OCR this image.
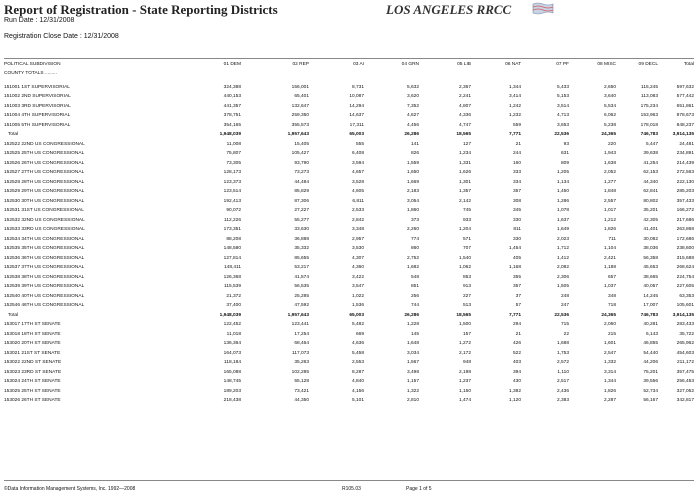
Report of Registration - State Reporting Districts
Run Date : 12/31/2008
Registration Close Date : 12/31/2008
LOS ANGELES RRCC
POLITICAL SUBDIVISION	01 DEM	02 REP	03 AI	04 GRN	05 LIB	06 NAT	07 PF	08 MISC	09 DECL	Total
COUNTY TOTALS .........										

151001 1ST SUPERVISORIAL	324,388	156,001	8,731	5,632	2,367	1,344	5,433	2,650	115,245	597,632
151002 2ND SUPERVISORIAL	440,153	65,401	10,087	3,620	2,241	3,414	5,153	3,640	113,083	577,442
151003 3RD SUPERVISORIAL	441,357	132,647	14,294	7,352	4,807	1,242	3,514	5,534	175,234	651,861
151004 4TH SUPERVISORIAL	378,751	259,350	14,637	4,627	4,336	1,232	4,713	6,062	153,963	878,673
151005 5TH SUPERVISORIAL	354,165	355,573	17,311	4,456	4,747	559	3,653	5,238	178,018	848,237
Total	1,948,039	1,957,643	65,003	26,286	18,565	7,771	22,536	24,365	746,783	3,914,135
152522 22ND US CONGRESSIONAL	11,008	15,405	555	141	127	21	93	220	5,447	24,481
152525 25TH US CONGRESSIONAL	75,807	105,427	6,408	826	1,234	244	631	1,943	39,638	234,891
152526 26TH US CONGRESSIONAL	73,305	93,790	3,594	1,559	1,331	160	809	1,638	41,254	214,439
152527 27TH US CONGRESSIONAL	128,173	73,273	4,657	1,650	1,626	333	1,205	2,052	62,153	272,563
152528 28TH US CONGRESSIONAL	123,373	44,484	3,528	1,669	1,301	334	1,134	1,277	44,340	222,130
152529 29TH US CONGRESSIONAL	123,514	85,829	4,605	2,183	1,357	357	1,450	1,848	62,841	285,203
152530 30TH US CONGRESSIONAL	192,413	87,306	6,811	3,054	2,142	308	1,286	2,557	80,802	357,433
152531 31ST US CONGRESSIONAL	90,072	27,227	2,533	1,860	745	345	1,078	1,017	35,201	166,272
152532 32ND US CONGRESSIONAL	112,226	55,277	2,842	373	933	330	1,637	1,212	42,305	217,686
152533 33RD US CONGRESSIONAL	173,351	33,630	3,348	2,260	1,204	811	1,649	1,826	41,401	263,868
152534 34TH US CONGRESSIONAL	88,208	36,888	2,957	774	571	330	2,023	711	30,082	172,686
152535 35TH US CONGRESSIONAL	148,580	35,332	3,530	860	707	1,454	1,712	1,104	38,036	238,600
152536 36TH US CONGRESSIONAL	127,814	85,655	4,307	2,752	1,540	405	1,412	2,421	56,358	315,688
152537 37TH US CONGRESSIONAL	148,411	53,217	4,360	1,682	1,062	1,168	2,082	1,188	45,653	268,624
152538 38TH US CONGRESSIONAL	126,368	41,574	3,422	548	853	355	2,306	657	38,665	224,754
152539 39TH US CONGRESSIONAL	115,539	56,535	3,547	851	913	357	1,505	1,037	40,057	227,605
152540 40TH US CONGRESSIONAL	21,372	25,285	1,022	256	227	37	248	348	14,245	63,353
152546 46TH US CONGRESSIONAL	37,400	47,592	1,536	744	513	57	247	718	17,007	105,601
Total	1,948,039	1,957,643	65,003	26,286	18,565	7,771	22,536	24,365	746,783	3,914,135
153017 17TH ST SENATE	122,452	123,441	5,482	1,228	1,500	294	715	2,050	40,281	283,433
153018 18TH ST SENATE	11,018	17,254	669	145	157	21	22	215	6,143	35,722
153020 20TH ST SENATE	136,364	68,464	4,636	1,648	1,272	426	1,688	1,601	46,855	265,962
153021 21ST ST SENATE	164,073	117,073	5,458	3,034	2,172	522	1,753	2,547	54,440	454,603
153022 22ND ST SENATE	118,184	35,263	2,553	1,567	948	403	2,572	1,332	44,206	211,172
153023 23RD ST SENATE	165,088	102,285	8,287	3,498	2,198	394	1,110	3,314	75,201	357,475
153024 24TH ST SENATE	148,745	55,128	4,840	1,157	1,237	430	2,517	1,344	39,556	256,453
153025 25TH ST SENATE	189,203	73,421	4,156	1,322	1,150	1,382	2,436	1,826	52,734	327,052
153026 26TH ST SENATE	218,438	44,350	5,101	2,810	1,474	1,120	2,383	2,287	56,167	342,817
©Data Information Management Systems, Inc. 1992—2008	R105.03	Page 1 of 5
